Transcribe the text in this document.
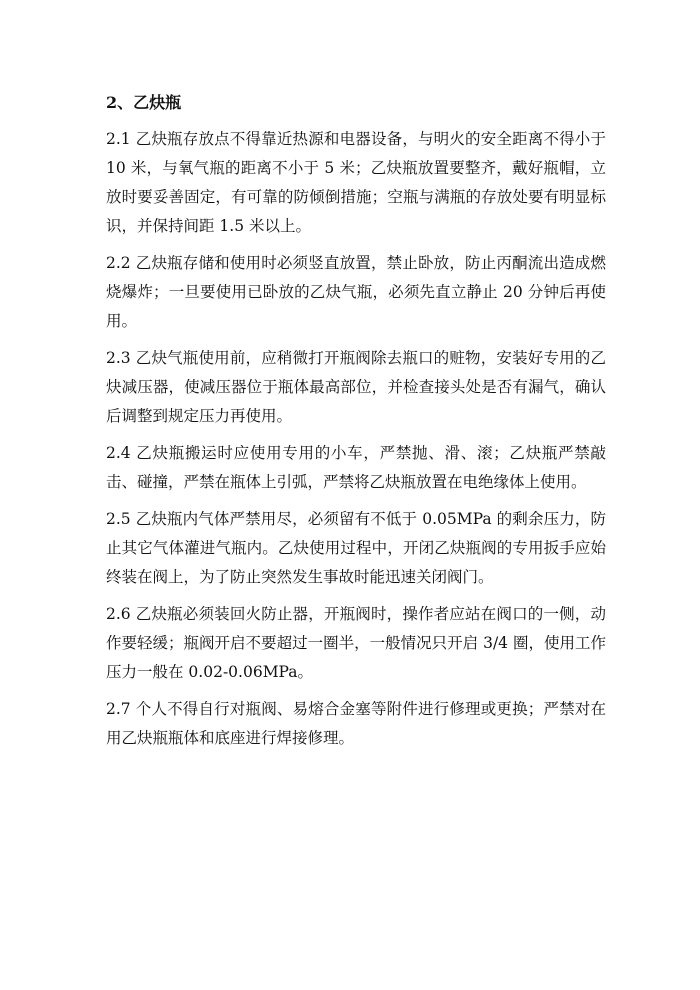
2、乙炔瓶

2.1 乙炔瓶存放点不得靠近热源和电器设备，与明火的安全距离不得小于 10 米，与氧气瓶的距离不小于 5 米；乙炔瓶放置要整齐，戴好瓶帽，立放时要妥善固定，有可靠的防倾倒措施；空瓶与满瓶的存放处要有明显标识，并保持间距 1.5 米以上。

2.2 乙炔瓶存储和使用时必须竖直放置，禁止卧放，防止丙酮流出造成燃烧爆炸；一旦要使用已卧放的乙炔气瓶，必须先直立静止 20 分钟后再使用。

2.3 乙炔气瓶使用前，应稍微打开瓶阀除去瓶口的赃物，安装好专用的乙炔减压器，使减压器位于瓶体最高部位，并检查接头处是否有漏气，确认后调整到规定压力再使用。

2.4 乙炔瓶搬运时应使用专用的小车，严禁抛、滑、滚；乙炔瓶严禁敲击、碰撞，严禁在瓶体上引弧，严禁将乙炔瓶放置在电绝缘体上使用。

2.5 乙炔瓶内气体严禁用尽，必须留有不低于 0.05MPa 的剩余压力，防止其它气体灌进气瓶内。乙炔使用过程中，开闭乙炔瓶阀的专用扳手应始终装在阀上，为了防止突然发生事故时能迅速关闭阀门。

2.6 乙炔瓶必须装回火防止器，开瓶阀时，操作者应站在阀口的一侧，动作要轻缓；瓶阀开启不要超过一圈半，一般情况只开启 3/4 圈，使用工作压力一般在 0.02-0.06MPa。

2.7 个人不得自行对瓶阀、易熔合金塞等附件进行修理或更换；严禁对在用乙炔瓶瓶体和底座进行焊接修理。
